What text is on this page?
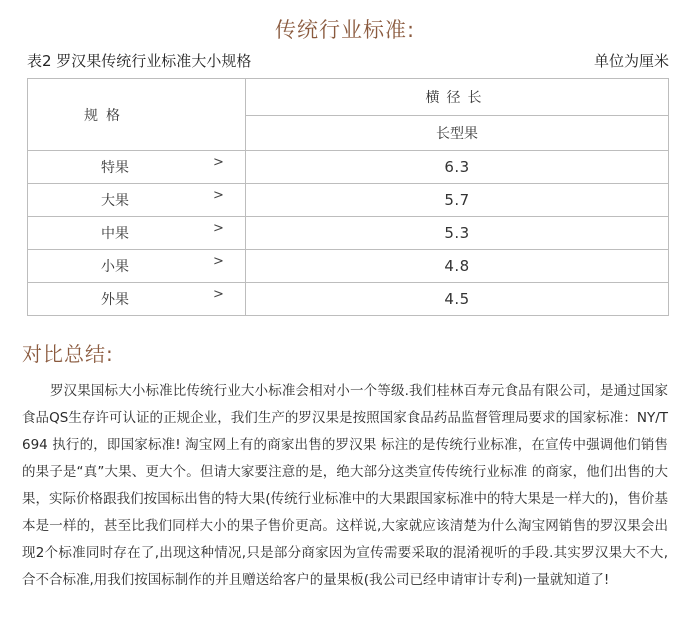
传统行业标准:
表2 罗汉果传统行业标准大小规格	单位为厘米
规格	横径长
	长型果
特果 >	6.3
大果 >	5.7
中果 >	5.3
小果 >	4.8
外果 >	4.5
对比总结:

罗汉果国标大小标准比传统行业大小标准会相对小一个等级.我们桂林百寿元食品有限公司，是通过国家食品QS生存许可认证的正规企业，我们生产的罗汉果是按照国家食品药品监督管理局要求的国家标准：NY/T 694 执行的，即国家标准! 淘宝网上有的商家出售的罗汉果 标注的是传统行业标准，在宣传中强调他们销售的果子是“真”大果、更大个。但请大家要注意的是，绝大部分这类宣传传统行业标准 的商家，他们出售的大果，实际价格跟我们按国标出售的特大果(传统行业标准中的大果跟国家标准中的特大果是一样大的)，售价基本是一样的，甚至比我们同样大小的果子售价更高。这样说,大家就应该清楚为什么淘宝网销售的罗汉果会出现2个标准同时存在了,出现这种情况,只是部分商家因为宣传需要采取的混淆视听的手段.其实罗汉果大不大,合不合标准,用我们按国标制作的并且赠送给客户的量果板(我公司已经申请审计专利)一量就知道了!
